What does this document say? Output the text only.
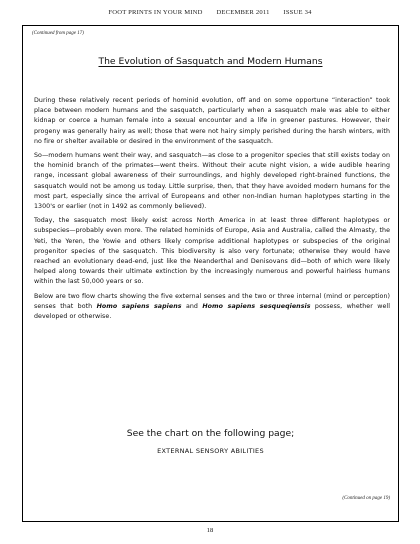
FOOT PRINTS IN YOUR MIND DECEMBER 2011 ISSUE 34
(Continued from page 17)
The Evolution of Sasquatch and Modern Humans

During these relatively recent periods of hominid evolution, off and on some opportune “interaction” took place between modern humans and the sasquatch, particularly when a sasquatch male was able to either kidnap or coerce a human female into a sexual encounter and a life in greener pastures. However, their progeny was generally hairy as well; those that were not hairy simply perished during the harsh winters, with no fire or shelter available or desired in the environment of the sasquatch.

So—modern humans went their way, and sasquatch—as close to a progenitor species that still exists today on the hominid branch of the primates—went theirs. Without their acute night vision, a wide audible hearing range, incessant global awareness of their surroundings, and highly developed right-brained functions, the sasquatch would not be among us today. Little surprise, then, that they have avoided modern humans for the most part, especially since the arrival of Europeans and other non-Indian human haplotypes starting in the 1300's or earlier (not in 1492 as commonly believed).

Today, the sasquatch most likely exist across North America in at least three different haplotypes or subspecies—probably even more. The related hominids of Europe, Asia and Australia, called the Almasty, the Yeti, the Yeren, the Yowie and others likely comprise additional haplotypes or subspecies of the original progenitor species of the sasquatch. This biodiversity is also very fortunate; otherwise they would have reached an evolutionary dead-end, just like the Neanderthal and Denisovans did—both of which were likely helped along towards their ultimate extinction by the increasingly numerous and powerful hairless humans within the last 50,000 years or so.

Below are two flow charts showing the five external senses and the two or three internal (mind or perception) senses that both Homo sapiens sapiens and Homo sapiens sesqueqiensis possess, whether well developed or otherwise.

See the chart on the following page;
EXTERNAL SENSORY ABILITIES
(Continued on page 19)
18
